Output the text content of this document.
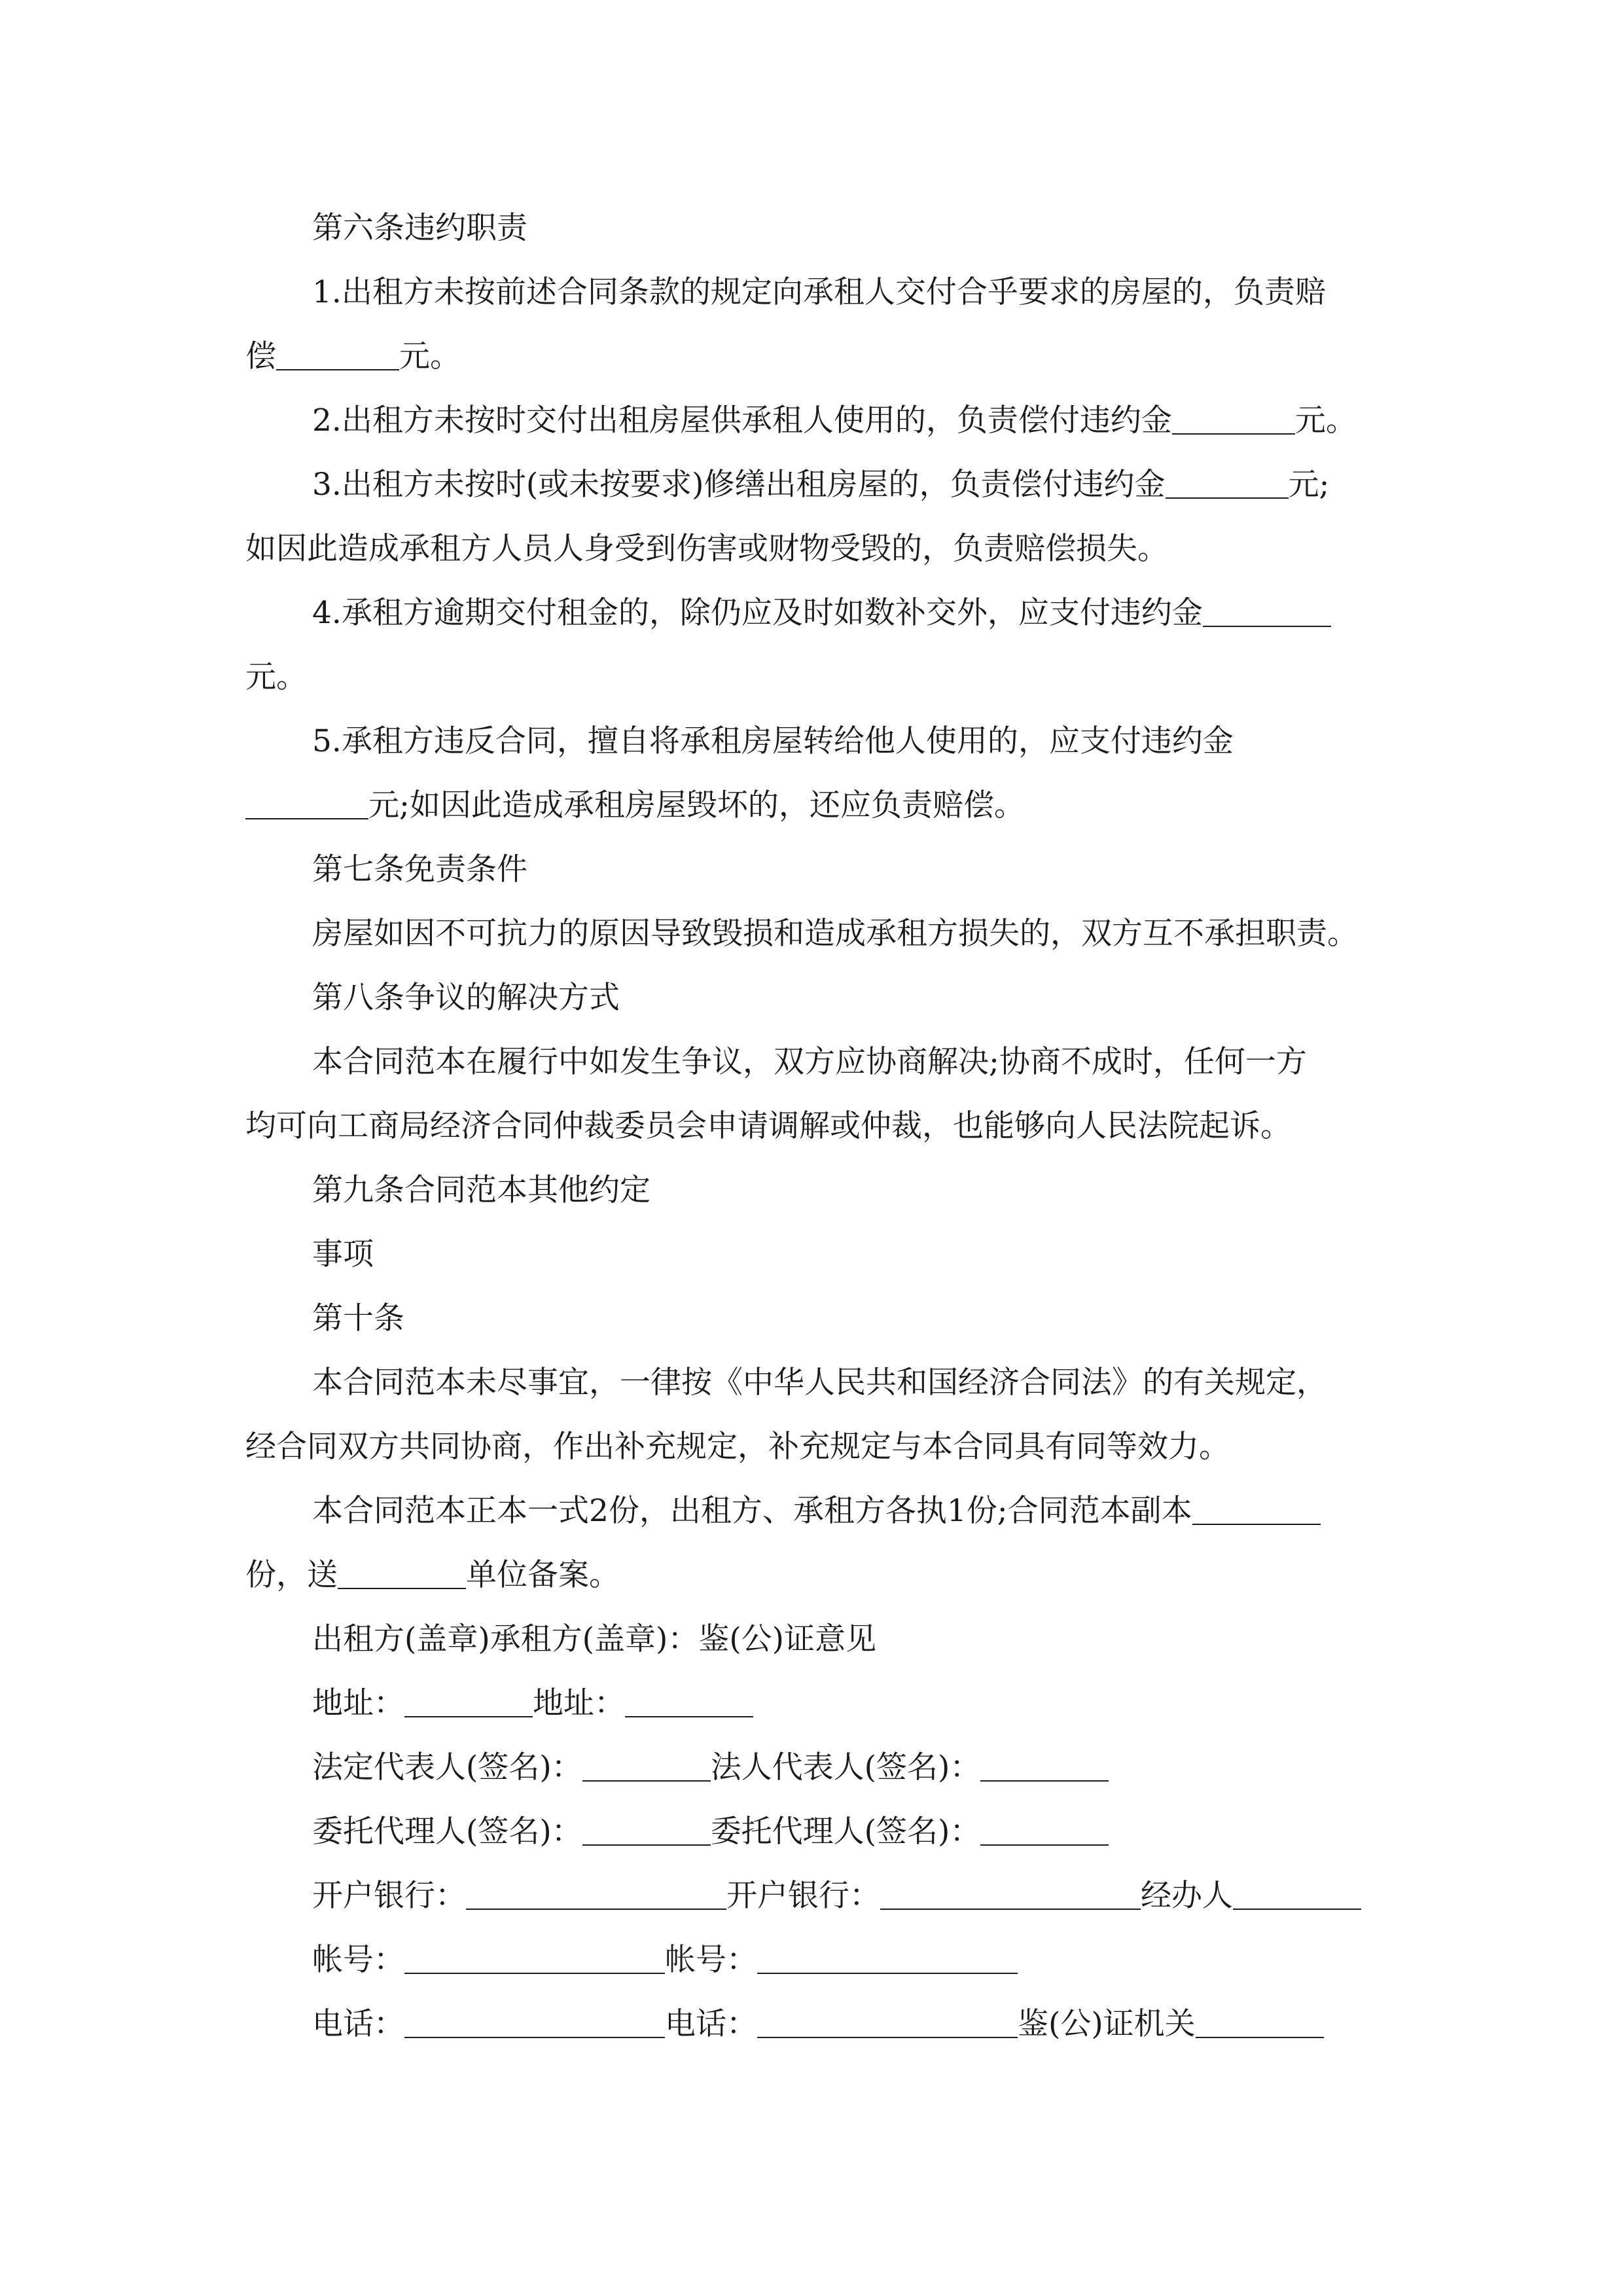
第六条违约职责

1.出租方未按前述合同条款的规定向承租人交付合乎要求的房屋的，负责赔

偿	元。

2.出租方未按时交付出租房屋供承租人使用的，负责偿付违约金	元。

3.出租方未按时(或未按要求)修缮出租房屋的，负责偿付违约金	元;

如因此造成承租方人员人身受到伤害或财物受毁的，负责赔偿损失。

4.承租方逾期交付租金的，除仍应及时如数补交外，应支付违约金

元。

5.承租方违反合同，擅自将承租房屋转给他人使用的，应支付违约金

元;如因此造成承租房屋毁坏的，还应负责赔偿。

第七条免责条件

房屋如因不可抗力的原因导致毁损和造成承租方损失的，双方互不承担职责。

第八条争议的解决方式

本合同范本在履行中如发生争议，双方应协商解决;协商不成时，任何一方

均可向工商局经济合同仲裁委员会申请调解或仲裁，也能够向人民法院起诉。

第九条合同范本其他约定

事项

第十条

本合同范本未尽事宜，一律按《中华人民共和国经济合同法》的有关规定，

经合同双方共同协商，作出补充规定，补充规定与本合同具有同等效力。

本合同范本正本一式2份，出租方、承租方各执1份;合同范本副本

份，送	单位备案。

出租方(盖章)承租方(盖章)：鉴(公)证意见

地址：	地址：

法定代表人(签名)：	法人代表人(签名)：

委托代理人(签名)：	委托代理人(签名)：

开户银行：	开户银行：	经办人

帐号：	帐号：

电话：	电话：	鉴(公)证机关
